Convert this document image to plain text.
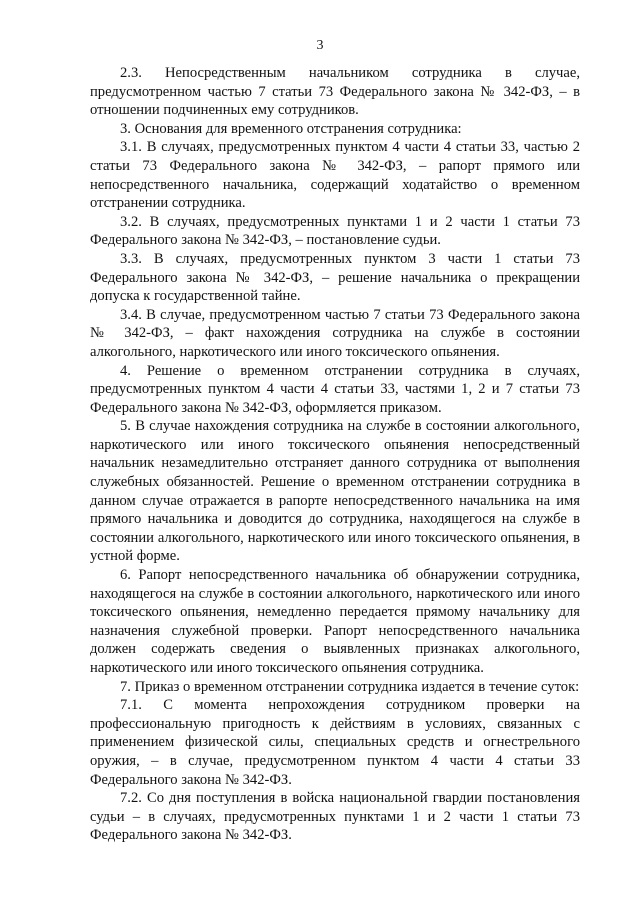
3

2.3. Непосредственным начальником сотрудника в случае, предусмотренном частью 7 статьи 73 Федерального закона № 342-ФЗ, – в отношении подчиненных ему сотрудников.

3. Основания для временного отстранения сотрудника:

3.1. В случаях, предусмотренных пунктом 4 части 4 статьи 33, частью 2 статьи 73 Федерального закона № 342-ФЗ, – рапорт прямого или непосредственного начальника, содержащий ходатайство о временном отстранении сотрудника.

3.2. В случаях, предусмотренных пунктами 1 и 2 части 1 статьи 73 Федерального закона № 342-ФЗ, – постановление судьи.

3.3. В случаях, предусмотренных пунктом 3 части 1 статьи 73 Федерального закона № 342-ФЗ, – решение начальника о прекращении допуска к государственной тайне.

3.4. В случае, предусмотренном частью 7 статьи 73 Федерального закона № 342-ФЗ, – факт нахождения сотрудника на службе в состоянии алкогольного, наркотического или иного токсического опьянения.

4. Решение о временном отстранении сотрудника в случаях, предусмотренных пунктом 4 части 4 статьи 33, частями 1, 2 и 7 статьи 73 Федерального закона № 342-ФЗ, оформляется приказом.

5. В случае нахождения сотрудника на службе в состоянии алкогольного, наркотического или иного токсического опьянения непосредственный начальник незамедлительно отстраняет данного сотрудника от выполнения служебных обязанностей. Решение о временном отстранении сотрудника в данном случае отражается в рапорте непосредственного начальника на имя прямого начальника и доводится до сотрудника, находящегося на службе в состоянии алкогольного, наркотического или иного токсического опьянения, в устной форме.

6. Рапорт непосредственного начальника об обнаружении сотрудника, находящегося на службе в состоянии алкогольного, наркотического или иного токсического опьянения, немедленно передается прямому начальнику для назначения служебной проверки. Рапорт непосредственного начальника должен содержать сведения о выявленных признаках алкогольного, наркотического или иного токсического опьянения сотрудника.

7. Приказ о временном отстранении сотрудника издается в течение суток:

7.1. С момента непрохождения сотрудником проверки на профессиональную пригодность к действиям в условиях, связанных с применением физической силы, специальных средств и огнестрельного оружия, – в случае, предусмотренном пунктом 4 части 4 статьи 33 Федерального закона № 342-ФЗ.

7.2. Со дня поступления в войска национальной гвардии постановления судьи – в случаях, предусмотренных пунктами 1 и 2 части 1 статьи 73 Федерального закона № 342-ФЗ.
